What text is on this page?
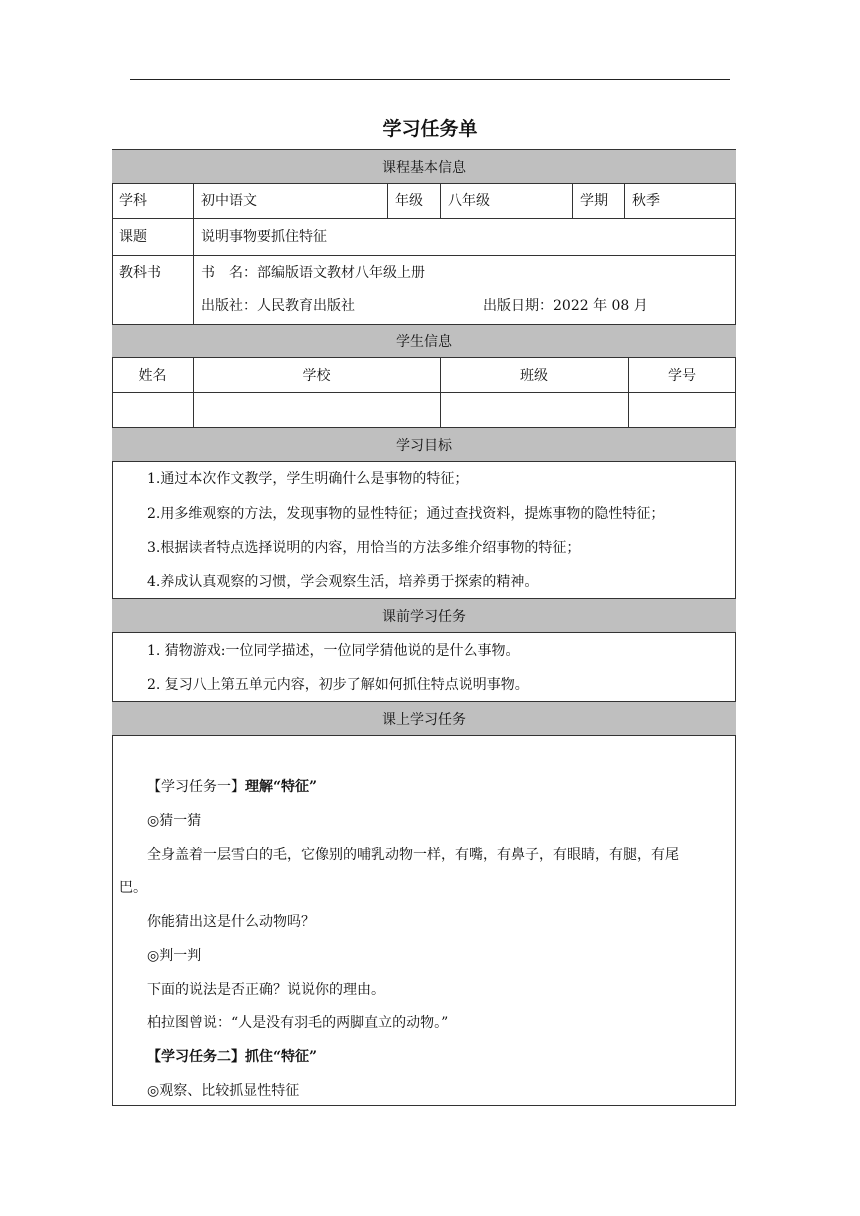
学习任务单
课程基本信息
学科	初中语文	年级 八年级	学期 秋季
课题	说明事物要抓住特征
教科书	书　名：部编版语文教材八年级上册
出版社：人民教育出版社	出版日期：2022 年 08 月
学生信息
姓名	学校	班级	学号
学习目标
1.通过本次作文教学，学生明确什么是事物的特征；
2.用多维观察的方法，发现事物的显性特征；通过查找资料，提炼事物的隐性特征；
3.根据读者特点选择说明的内容，用恰当的方法多维介绍事物的特征；
4.养成认真观察的习惯，学会观察生活，培养勇于探索的精神。
课前学习任务
1. 猜物游戏:一位同学描述，一位同学猜他说的是什么事物。
2. 复习八上第五单元内容，初步了解如何抓住特点说明事物。
课上学习任务
【学习任务一】理解“特征”
◎猜一猜
全身盖着一层雪白的毛，它像别的哺乳动物一样，有嘴，有鼻子，有眼睛，有腿，有尾
巴。
你能猜出这是什么动物吗？
◎判一判
下面的说法是否正确？说说你的理由。
柏拉图曾说：“人是没有羽毛的两脚直立的动物。”
【学习任务二】抓住“特征”
◎观察、比较抓显性特征
